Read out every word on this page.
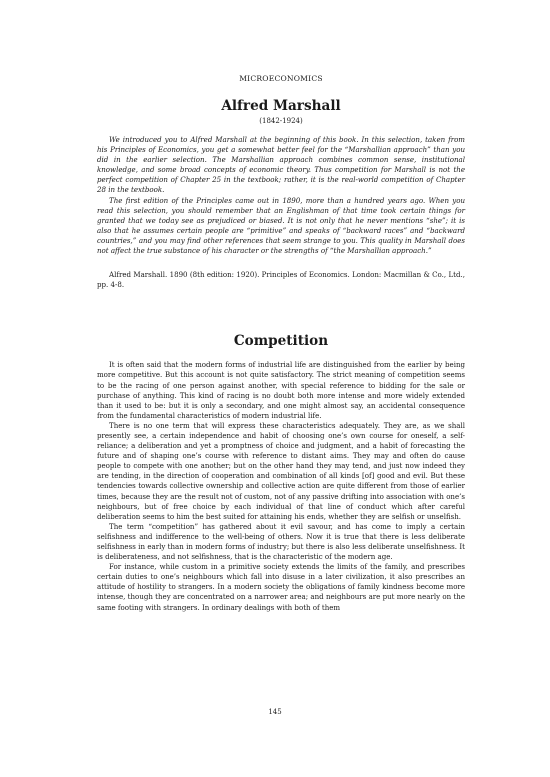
MICROECONOMICS
Alfred Marshall
(1842-1924)

We introduced you to Alfred Marshall at the beginning of this book. In this selection, taken from his Principles of Economics, you get a somewhat better feel for the “Marshallian approach” than you did in the earlier selection. The Marshallian approach combines common sense, institutional knowledge, and some broad concepts of economic theory. Thus competition for Marshall is not the perfect competition of Chapter 25 in the textbook; rather, it is the real-world competition of Chapter 28 in the textbook.

The first edition of the Principles came out in 1890, more than a hundred years ago. When you read this selection, you should remember that an Englishman of that time took certain things for granted that we today see as prejudiced or biased. It is not only that he never mentions “she”; it is also that he assumes certain people are “primitive” and speaks of “backward races” and “backward countries,” and you may find other references that seem strange to you. This quality in Marshall does not affect the true substance of his character or the strengths of “the Marshallian approach.”

Alfred Marshall. 1890 (8th edition: 1920). Principles of Economics. London: Macmillan & Co., Ltd., pp. 4-8.

Competition

It is often said that the modern forms of industrial life are distinguished from the earlier by being more competitive. But this account is not quite satisfactory. The strict meaning of competition seems to be the racing of one person against another, with special reference to bidding for the sale or purchase of anything. This kind of racing is no doubt both more intense and more widely extended than it used to be: but it is only a secondary, and one might almost say, an accidental consequence from the fundamental characteristics of modern industrial life.

There is no one term that will express these characteristics adequately. They are, as we shall presently see, a certain independence and habit of choosing one’s own course for oneself, a self-reliance; a deliberation and yet a promptness of choice and judgment, and a habit of forecasting the future and of shaping one’s course with reference to distant aims. They may and often do cause people to compete with one another; but on the other hand they may tend, and just now indeed they are tending, in the direction of cooperation and combination of all kinds [of] good and evil. But these tendencies towards collective ownership and collective action are quite different from those of earlier times, because they are the result not of custom, not of any passive drifting into association with one’s neighbours, but of free choice by each individual of that line of conduct which after careful deliberation seems to him the best suited for attaining his ends, whether they are selfish or unselfish.

The term “competition” has gathered about it evil savour, and has come to imply a certain selfishness and indifference to the well-being of others. Now it is true that there is less deliberate selfishness in early than in modern forms of industry; but there is also less deliberate unselfishness. It is deliberateness, and not selfishness, that is the characteristic of the modern age.

For instance, while custom in a primitive society extends the limits of the family, and prescribes certain duties to one’s neighbours which fall into disuse in a later civilization, it also prescribes an attitude of hostility to strangers. In a modern society the obligations of family kindness become more intense, though they are concentrated on a narrower area; and neighbours are put more nearly on the same footing with strangers. In ordinary dealings with both of them

145
